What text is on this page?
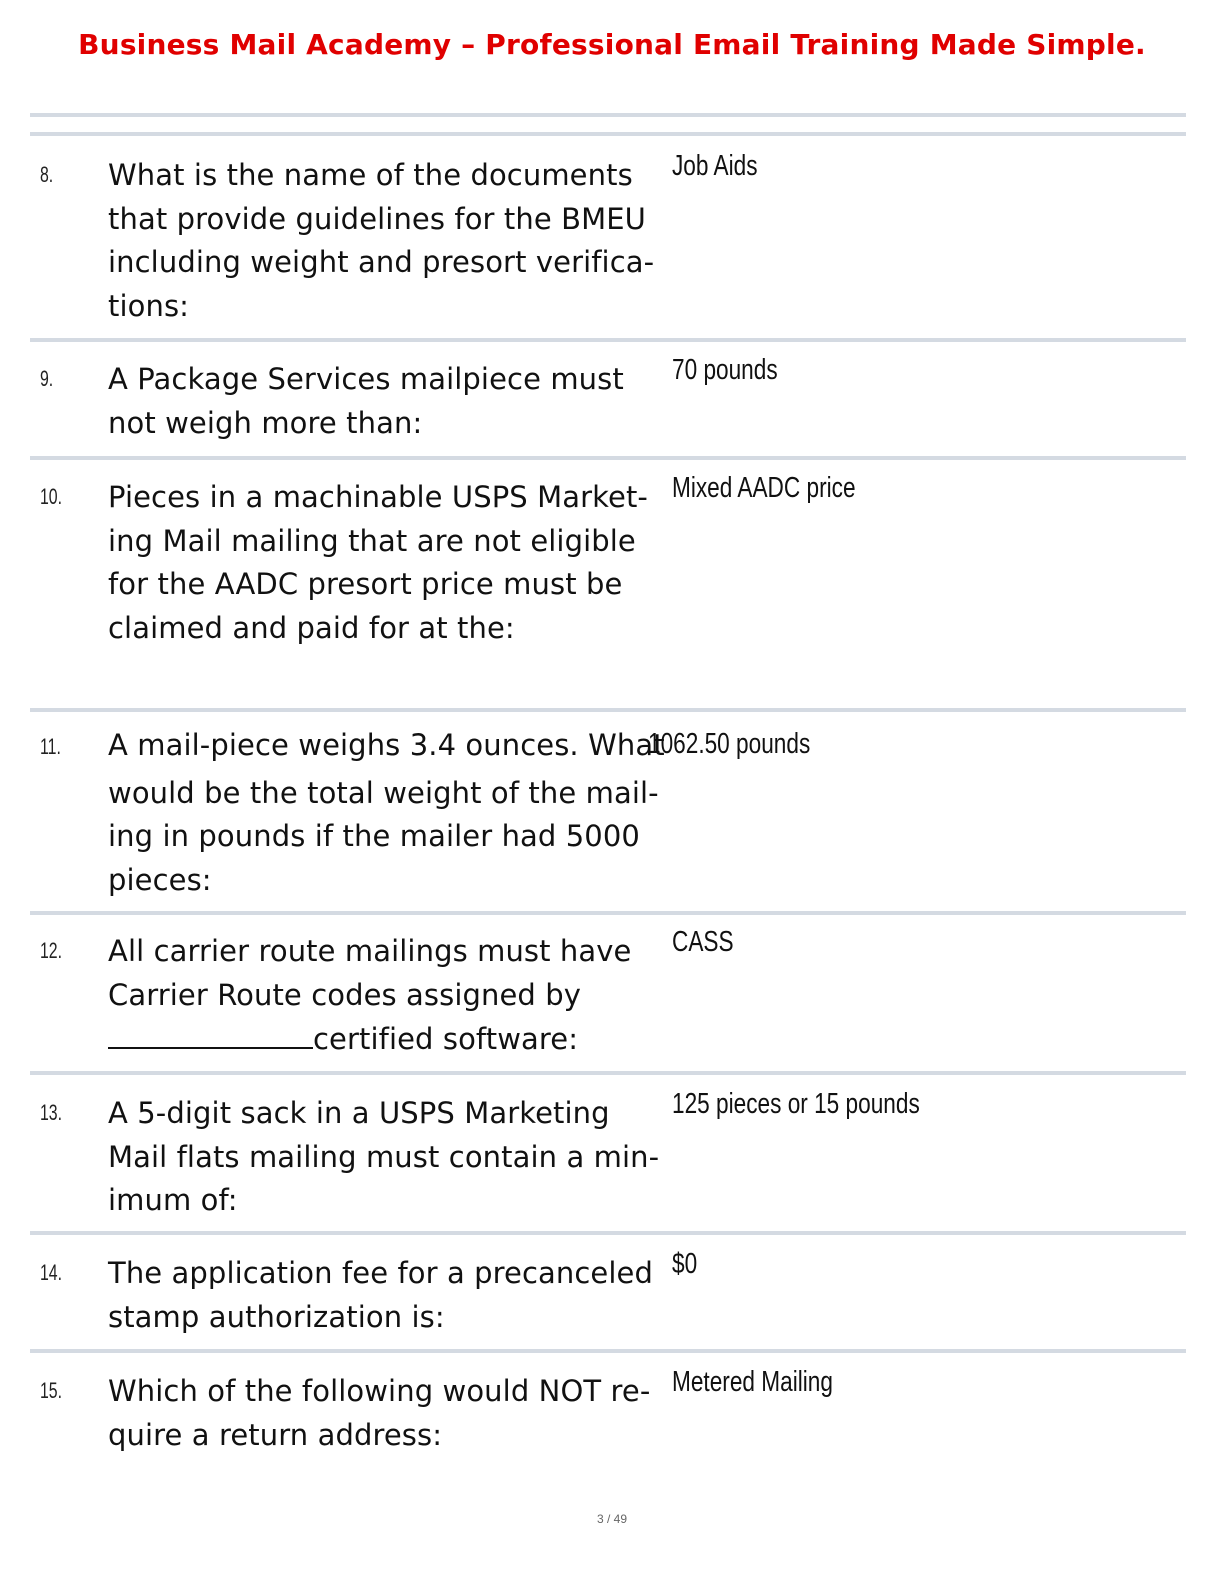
Business Mail Academy – Professional Email Training Made Simple.
8. What is the name of the documents
that provide guidelines for the BMEU
including weight and presort verifica-
tions:
Job Aids
9. A Package Services mailpiece must
not weigh more than:
70 pounds
10. Pieces in a machinable USPS Market-
ing Mail mailing that are not eligible
for the AADC presort price must be
claimed and paid for at the:
Mixed AADC price
11. A mail-piece weighs 3.4 ounces. What
would be the total weight of the mail-
ing in pounds if the mailer had 5000
pieces:
1062.50 pounds
12. All carrier route mailings must have
Carrier Route codes assigned by
certified software:
CASS
13. A 5-digit sack in a USPS Marketing
Mail flats mailing must contain a min-
imum of:
125 pieces or 15 pounds
14. The application fee for a precanceled
stamp authorization is:
$0
15. Which of the following would NOT re-
quire a return address:
Metered Mailing
3 / 49
